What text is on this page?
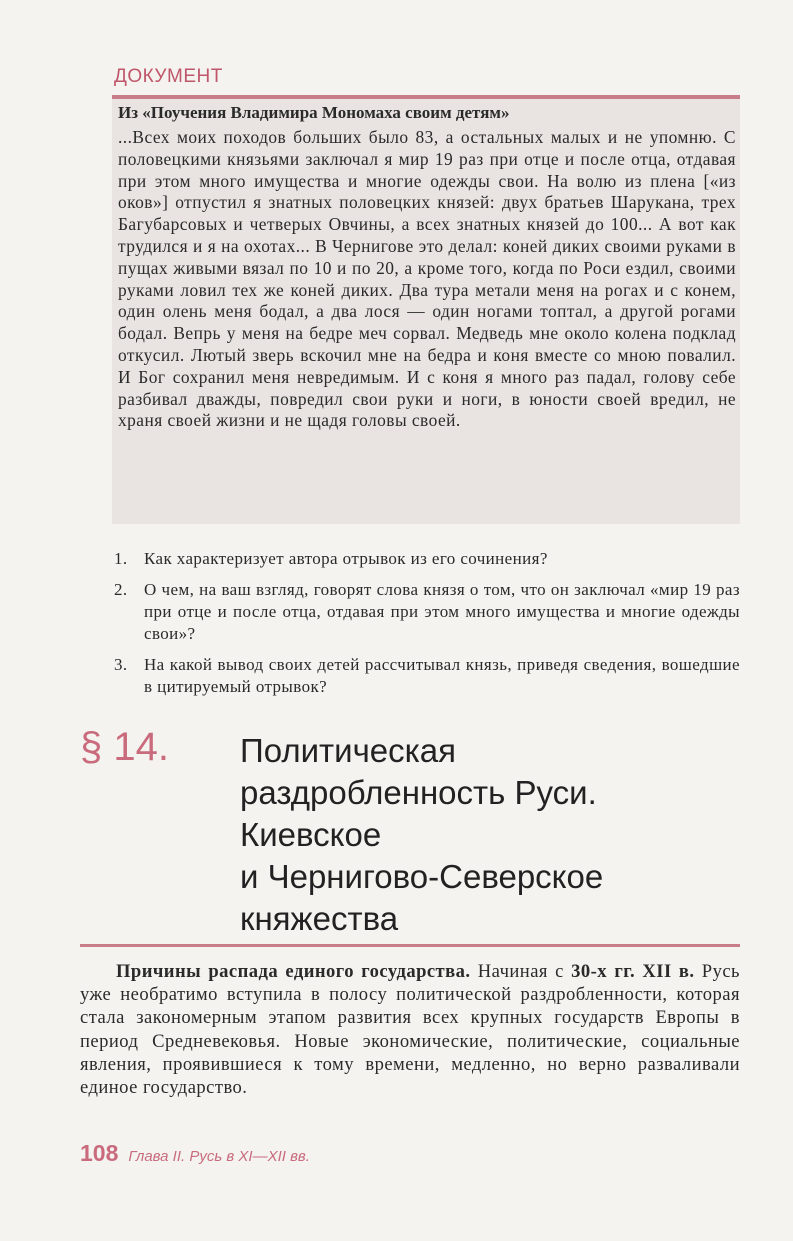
ДОКУМЕНТ
Из «Поучения Владимира Мономаха своим детям»
...Всех моих походов больших было 83, а остальных малых и не упомню. С половецкими князьями заключал я мир 19 раз при отце и после отца, отдавая при этом много имущества и многие одежды свои. На волю из плена [«из оков»] отпустил я знатных половецких князей: двух братьев Шарукана, трех Багубарсовых и четверых Овчины, а всех знатных князей до 100... А вот как трудился и я на охотах... В Чернигове это делал: коней диких своими руками в пущах живыми вязал по 10 и по 20, а кроме того, когда по Роси ездил, своими руками ловил тех же коней диких. Два тура метали меня на рогах и с конем, один олень меня бодал, а два лося — один ногами топтал, а другой рогами бодал. Вепрь у меня на бедре меч сорвал. Медведь мне около колена подклад откусил. Лютый зверь вскочил мне на бедра и коня вместе со мною повалил. И Бог сохранил меня невредимым. И с коня я много раз падал, голову себе разбивал дважды, повредил свои руки и ноги, в юности своей вредил, не храня своей жизни и не щадя головы своей.
1. Как характеризует автора отрывок из его сочинения?
2. О чем, на ваш взгляд, говорят слова князя о том, что он заключал «мир 19 раз при отце и после отца, отдавая при этом много имущества и многие одежды свои»?
3. На какой вывод своих детей рассчитывал князь, приведя сведения, вошедшие в цитируемый отрывок?
§ 14. Политическая
раздробленность Руси.
Киевское
и Чернигово-Северское
княжества

Причины распада единого государства. Начиная с 30-х гг. XII в. Русь уже необратимо вступила в полосу политической раздробленности, которая стала закономерным этапом развития всех крупных государств Европы в период Средневековья. Новые экономические, политические, социальные явления, проявившиеся к тому времени, медленно, но верно разваливали единое государство.

108 Глава II. Русь в XI—XII вв.
